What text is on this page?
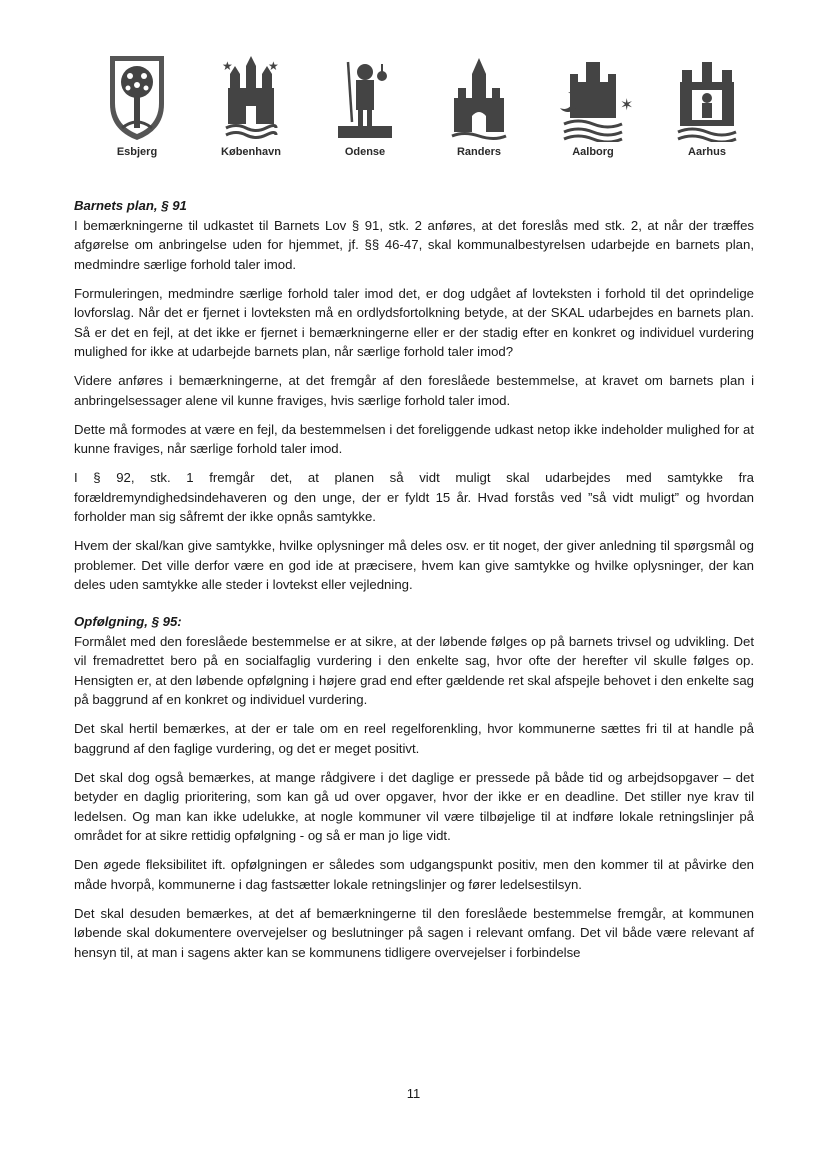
Esbjerg
★	★
København	Odense	Randers
✶
Aalborg	Aarhus
Barnets plan, § 91

I bemærkningerne til udkastet til Barnets Lov § 91, stk. 2 anføres, at det foreslås med stk. 2, at når der træffes afgørelse om anbringelse uden for hjemmet, jf. §§ 46-47, skal kommunalbestyrelsen udarbejde en barnets plan, medmindre særlige forhold taler imod.

Formuleringen, medmindre særlige forhold taler imod det, er dog udgået af lovteksten i forhold til det oprindelige lovforslag. Når det er fjernet i lovteksten må en ordlydsfortolkning betyde, at der SKAL udarbejdes en barnets plan. Så er det en fejl, at det ikke er fjernet i bemærkningerne eller er der stadig efter en konkret og individuel vurdering mulighed for ikke at udarbejde barnets plan, når særlige forhold taler imod?

Videre anføres i bemærkningerne, at det fremgår af den foreslåede bestemmelse, at kravet om barnets plan i anbringelsessager alene vil kunne fraviges, hvis særlige forhold taler imod.

Dette må formodes at være en fejl, da bestemmelsen i det foreliggende udkast netop ikke indeholder mulighed for at kunne fraviges, når særlige forhold taler imod.

I § 92, stk. 1 fremgår det, at planen så vidt muligt skal udarbejdes med samtykke fra forældremyndighedsindehaveren og den unge, der er fyldt 15 år. Hvad forstås ved ”så vidt muligt” og hvordan forholder man sig såfremt der ikke opnås samtykke.

Hvem der skal/kan give samtykke, hvilke oplysninger må deles osv. er tit noget, der giver anledning til spørgsmål og problemer. Det ville derfor være en god ide at præcisere, hvem kan give samtykke og hvilke oplysninger, der kan deles uden samtykke alle steder i lovtekst eller vejledning.

Opfølgning, § 95:

Formålet med den foreslåede bestemmelse er at sikre, at der løbende følges op på barnets trivsel og udvikling. Det vil fremadrettet bero på en socialfaglig vurdering i den enkelte sag, hvor ofte der herefter vil skulle følges op. Hensigten er, at den løbende opfølgning i højere grad end efter gældende ret skal afspejle behovet i den enkelte sag på baggrund af en konkret og individuel vurdering.

Det skal hertil bemærkes, at der er tale om en reel regelforenkling, hvor kommunerne sættes fri til at handle på baggrund af den faglige vurdering, og det er meget positivt.

Det skal dog også bemærkes, at mange rådgivere i det daglige er pressede på både tid og arbejdsopgaver – det betyder en daglig prioritering, som kan gå ud over opgaver, hvor der ikke er en deadline. Det stiller nye krav til ledelsen. Og man kan ikke udelukke, at nogle kommuner vil være tilbøjelige til at indføre lokale retningslinjer på området for at sikre rettidig opfølgning - og så er man jo lige vidt.

Den øgede fleksibilitet ift. opfølgningen er således som udgangspunkt positiv, men den kommer til at påvirke den måde hvorpå, kommunerne i dag fastsætter lokale retningslinjer og fører ledelsestilsyn.

Det skal desuden bemærkes, at det af bemærkningerne til den foreslåede bestemmelse fremgår, at kommunen løbende skal dokumentere overvejelser og beslutninger på sagen i relevant omfang. Det vil både være relevant af hensyn til, at man i sagens akter kan se kommunens tidligere overvejelser i forbindelse

11
